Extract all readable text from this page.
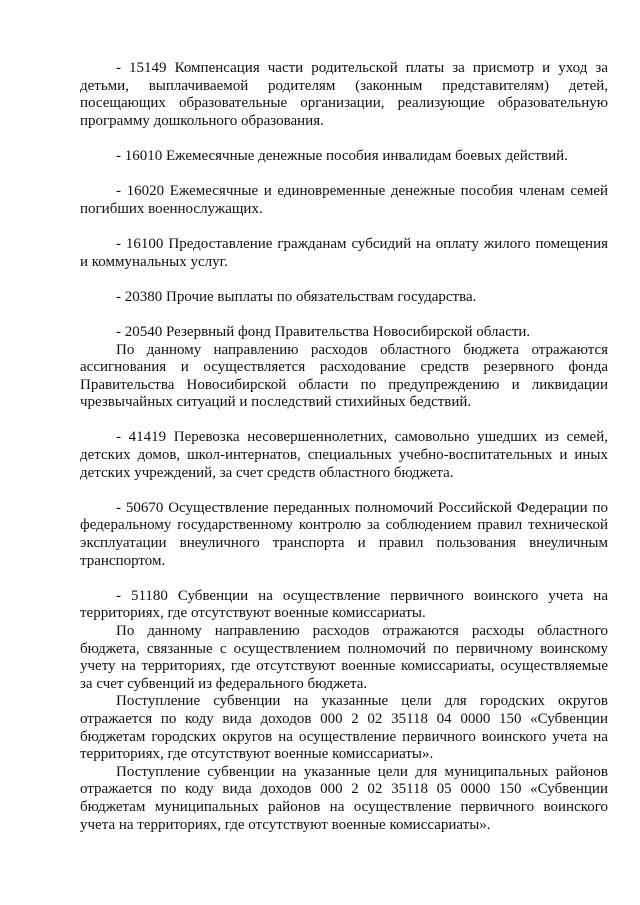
- 15149 Компенсация части родительской платы за присмотр и уход за детьми, выплачиваемой родителям (законным представителям) детей, посещающих образовательные организации, реализующие образовательную программу дошкольного образования.

- 16010 Ежемесячные денежные пособия инвалидам боевых действий.

- 16020 Ежемесячные и единовременные денежные пособия членам семей погибших военнослужащих.

- 16100 Предоставление гражданам субсидий на оплату жилого помещения и коммунальных услуг.

- 20380 Прочие выплаты по обязательствам государства.

- 20540 Резервный фонд Правительства Новосибирской области.

По данному направлению расходов областного бюджета отражаются ассигнования и осуществляется расходование средств резервного фонда Правительства Новосибирской области по предупреждению и ликвидации чрезвычайных ситуаций и последствий стихийных бедствий.

- 41419 Перевозка несовершеннолетних, самовольно ушедших из семей, детских домов, школ-интернатов, специальных учебно-воспитательных и иных детских учреждений, за счет средств областного бюджета.

- 50670 Осуществление переданных полномочий Российской Федерации по федеральному государственному контролю за соблюдением правил технической эксплуатации внеуличного транспорта и правил пользования внеуличным транспортом.

- 51180 Субвенции на осуществление первичного воинского учета на территориях, где отсутствуют военные комиссариаты.

По данному направлению расходов отражаются расходы областного бюджета, связанные с осуществлением полномочий по первичному воинскому учету на территориях, где отсутствуют военные комиссариаты, осуществляемые за счет субвенций из федерального бюджета.

Поступление субвенции на указанные цели для городских округов отражается по коду вида доходов 000 2 02 35118 04 0000 150 «Субвенции бюджетам городских округов на осуществление первичного воинского учета на территориях, где отсутствуют военные комиссариаты».

Поступление субвенции на указанные цели для муниципальных районов отражается по коду вида доходов 000 2 02 35118 05 0000 150 «Субвенции бюджетам муниципальных районов на осуществление первичного воинского учета на территориях, где отсутствуют военные комиссариаты».
